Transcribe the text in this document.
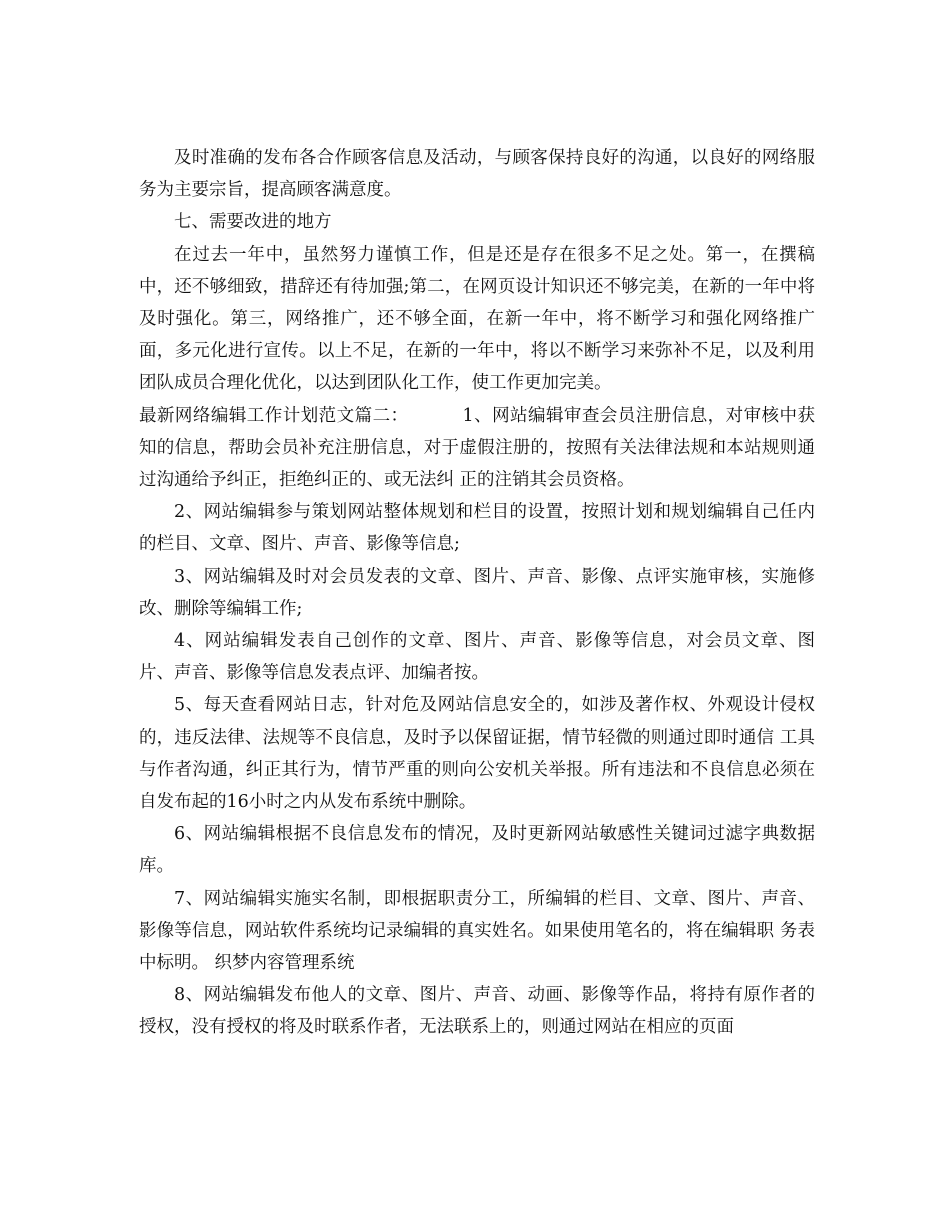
及时准确的发布各合作顾客信息及活动，与顾客保持良好的沟通，以良好的网络服务为主要宗旨，提高顾客满意度。

七、需要改进的地方

在过去一年中，虽然努力谨慎工作，但是还是存在很多不足之处。第一，在撰稿中，还不够细致，措辞还有待加强;第二，在网页设计知识还不够完美，在新的一年中将及时强化。第三，网络推广，还不够全面，在新一年中，将不断学习和强化网络推广面，多元化进行宣传。以上不足，在新的一年中，将以不断学习来弥补不足，以及利用团队成员合理化优化，以达到团队化工作，使工作更加完美。

最新网络编辑工作计划范文篇二：	1、网站编辑审查会员注册信息，对审核中获知的信息，帮助会员补充注册信息，对于虚假注册的，按照有关法律法规和本站规则通过沟通给予纠正，拒绝纠正的、或无法纠 正的注销其会员资格。

2、网站编辑参与策划网站整体规划和栏目的设置，按照计划和规划编辑自己任内的栏目、文章、图片、声音、影像等信息;

3、网站编辑及时对会员发表的文章、图片、声音、影像、点评实施审核，实施修改、删除等编辑工作;

4、网站编辑发表自己创作的文章、图片、声音、影像等信息，对会员文章、图片、声音、影像等信息发表点评、加编者按。

5、每天查看网站日志，针对危及网站信息安全的，如涉及著作权、外观设计侵权的，违反法律、法规等不良信息，及时予以保留证据，情节轻微的则通过即时通信 工具与作者沟通，纠正其行为，情节严重的则向公安机关举报。所有违法和不良信息必须在自发布起的16小时之内从发布系统中删除。

6、网站编辑根据不良信息发布的情况，及时更新网站敏感性关键词过滤字典数据库。

7、网站编辑实施实名制，即根据职责分工，所编辑的栏目、文章、图片、声音、影像等信息，网站软件系统均记录编辑的真实姓名。如果使用笔名的，将在编辑职 务表中标明。 织梦内容管理系统

8、网站编辑发布他人的文章、图片、声音、动画、影像等作品，将持有原作者的授权，没有授权的将及时联系作者，无法联系上的，则通过网站在相应的页面
